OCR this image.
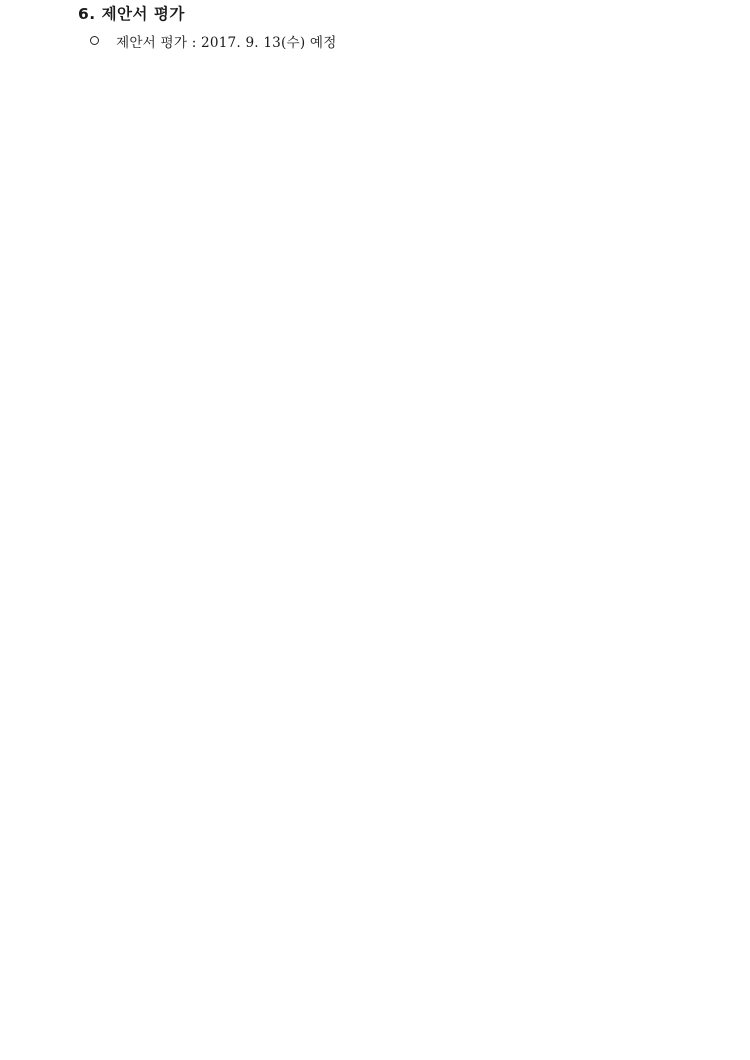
6. 제안서 평가
제안서 평가 : 2017. 9. 13(수) 예정
